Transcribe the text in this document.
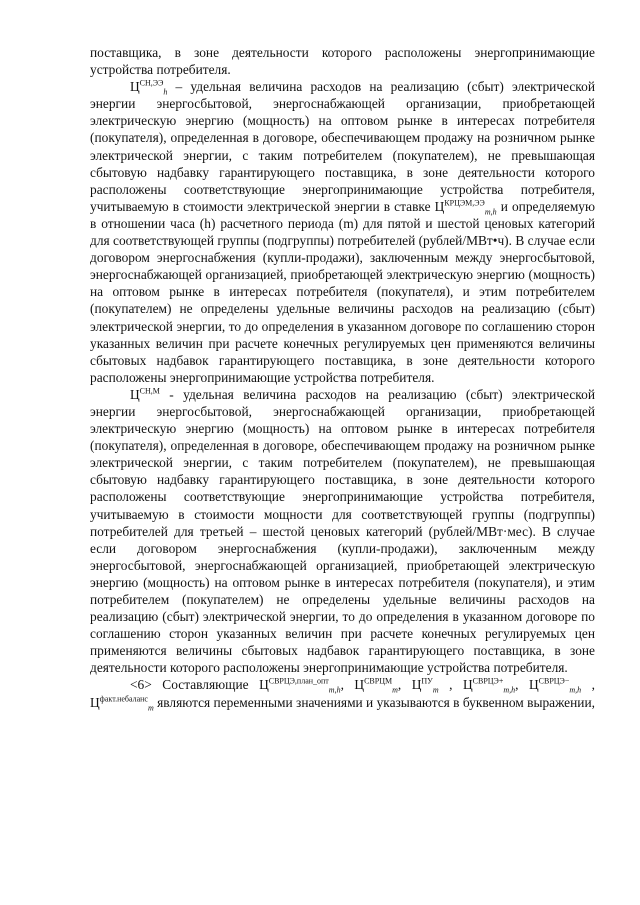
поставщика, в зоне деятельности которого расположены энергопринимающие устройства потребителя.

$Ц^{СН,ЭЭ}_h$ – удельная величина расходов на реализацию (сбыт) электрической энергии энергосбытовой, энергоснабжающей организации, приобретающей электрическую энергию (мощность) на оптовом рынке в интересах потребителя (покупателя), определенная в договоре, обеспечивающем продажу на розничном рынке электрической энергии, с таким потребителем (покупателем), не превышающая сбытовую надбавку гарантирующего поставщика, в зоне деятельности которого расположены соответствующие энергопринимающие устройства потребителя, учитываемую в стоимости электрической энергии в ставке $Ц^{КРЦЭМ,ЭЭ}_{m,h}$ и определяемую в отношении часа (h) расчетного периода (m) для пятой и шестой ценовых категорий для соответствующей группы (подгруппы) потребителей (рублей/МВт•ч). В случае если договором энергоснабжения (купли-продажи), заключенным между энергосбытовой, энергоснабжающей организацией, приобретающей электрическую энергию (мощность) на оптовом рынке в интересах потребителя (покупателя), и этим потребителем (покупателем) не определены удельные величины расходов на реализацию (сбыт) электрической энергии, то до определения в указанном договоре по соглашению сторон указанных величин при расчете конечных регулируемых цен применяются величины сбытовых надбавок гарантирующего поставщика, в зоне деятельности которого расположены энергопринимающие устройства потребителя.

$Ц^{СН,М}$ - удельная величина расходов на реализацию (сбыт) электрической энергии энергосбытовой, энергоснабжающей организации, приобретающей электрическую энергию (мощность) на оптовом рынке в интересах потребителя (покупателя), определенная в договоре, обеспечивающем продажу на розничном рынке электрической энергии, с таким потребителем (покупателем), не превышающая сбытовую надбавку гарантирующего поставщика, в зоне деятельности которого расположены соответствующие энергопринимающие устройства потребителя, учитываемую в стоимости мощности для соответствующей группы (подгруппы) потребителей для третьей – шестой ценовых категорий (рублей/МВт·мес). В случае если договором энергоснабжения (купли-продажи), заключенным между энергосбытовой, энергоснабжающей организацией, приобретающей электрическую энергию (мощность) на оптовом рынке в интересах потребителя (покупателя), и этим потребителем (покупателем) не определены удельные величины расходов на реализацию (сбыт) электрической энергии, то до определения в указанном договоре по соглашению сторон указанных величин при расчете конечных регулируемых цен применяются величины сбытовых надбавок гарантирующего поставщика, в зоне деятельности которого расположены энергопринимающие устройства потребителя.

<6> Составляющие $Ц^{СВРЦЭ,план\_опт}_{m,h}$, $Ц^{СВРЦМ}_m$, $Ц^{ПУ}_m$ , $Ц^{СВРЦЭ+}_{m,h}$, $Ц^{СВРЦЭ-}_{m,h}$ , $Ц^{факт.небаланс}_m$ являются переменными значениями и указываются в буквенном выражении,
